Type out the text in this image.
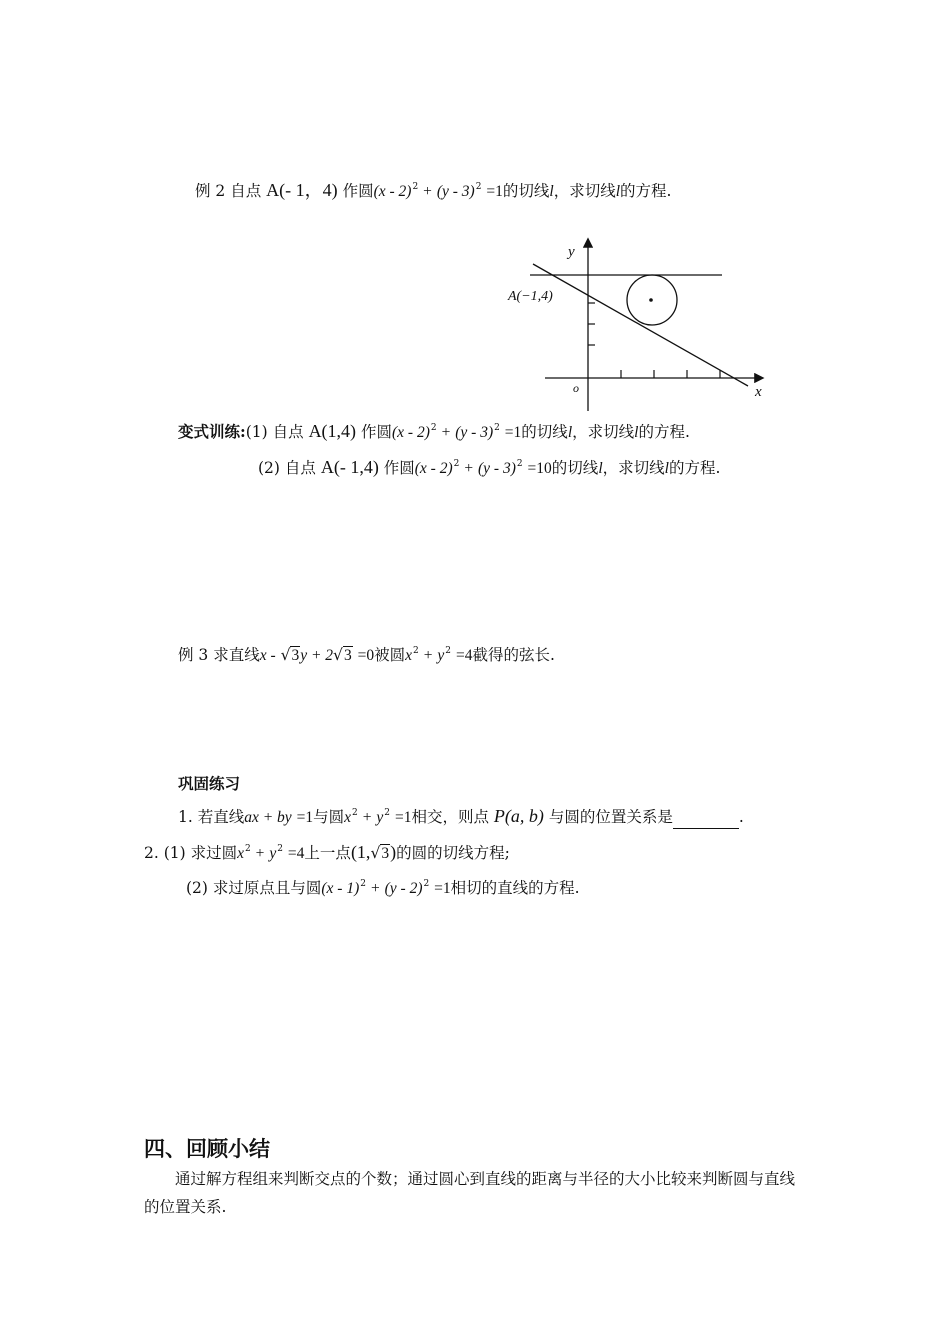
例 2 自点 A(- 1，4) 作圆(x - 2)$^2$ + (y - 3)$^2$ =1的切线l，求切线l的方程.
y
x
o
A(−1,4)
变式训练:(1) 自点 A(1,4) 作圆(x - 2)$^2$ + (y - 3)$^2$ =1的切线l，求切线l的方程.
(2) 自点 A(- 1,4) 作圆(x - 2)$^2$ + (y - 3)$^2$ =10的切线l，求切线l的方程.
例 3 求直线x - √3y + 2√3 =0被圆$x^2 + y^2 =4$截得的弦长.
巩固练习
1. 若直线ax + by =1与圆$x^2 + y^2 =1$相交，则点 P(a, b) 与圆的位置关系是	.
2. (1) 求过圆$x^2 + y^2 =4$上一点(1,√3)的圆的切线方程;
(2) 求过原点且与圆(x - 1)$^2$ + (y - 2)$^2$ =1相切的直线的方程.
四、回顾小结
通过解方程组来判断交点的个数；通过圆心到直线的距离与半径的大小比较来判断圆与直线的位置关系.
